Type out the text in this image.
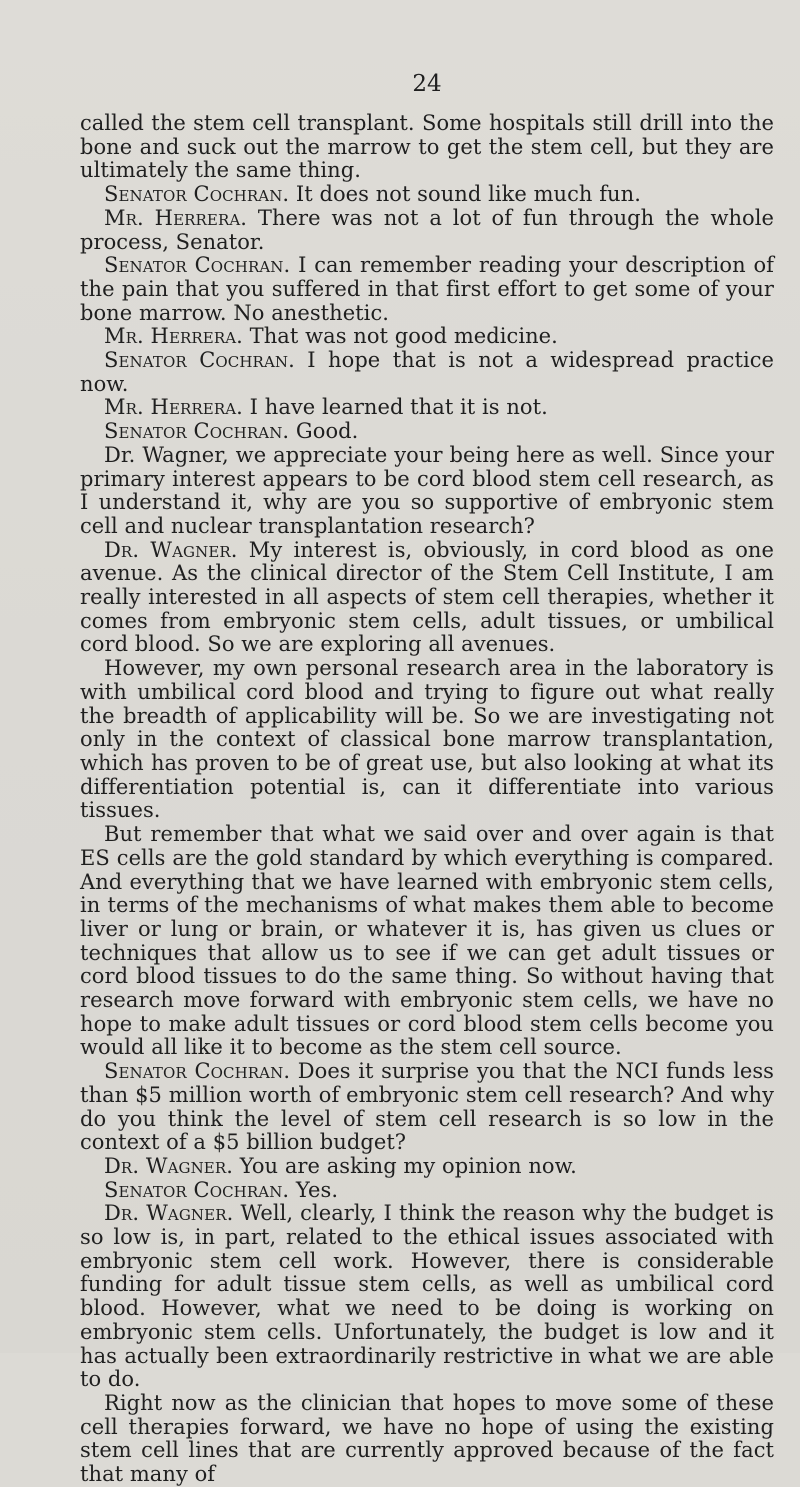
24

called the stem cell transplant. Some hospitals still drill into the bone and suck out the marrow to get the stem cell, but they are ultimately the same thing.

Senator Cochran. It does not sound like much fun.

Mr. Herrera. There was not a lot of fun through the whole process, Senator.

Senator Cochran. I can remember reading your description of the pain that you suffered in that first effort to get some of your bone marrow. No anesthetic.

Mr. Herrera. That was not good medicine.

Senator Cochran. I hope that is not a widespread practice now.

Mr. Herrera. I have learned that it is not.

Senator Cochran. Good.

Dr. Wagner, we appreciate your being here as well. Since your primary interest appears to be cord blood stem cell research, as I understand it, why are you so supportive of embryonic stem cell and nuclear transplantation research?

Dr. Wagner. My interest is, obviously, in cord blood as one avenue. As the clinical director of the Stem Cell Institute, I am really interested in all aspects of stem cell therapies, whether it comes from embryonic stem cells, adult tissues, or umbilical cord blood. So we are exploring all avenues.

However, my own personal research area in the laboratory is with umbilical cord blood and trying to figure out what really the breadth of applicability will be. So we are investigating not only in the context of classical bone marrow transplantation, which has proven to be of great use, but also looking at what its differentiation potential is, can it differentiate into various tissues.

But remember that what we said over and over again is that ES cells are the gold standard by which everything is compared. And everything that we have learned with embryonic stem cells, in terms of the mechanisms of what makes them able to become liver or lung or brain, or whatever it is, has given us clues or techniques that allow us to see if we can get adult tissues or cord blood tissues to do the same thing. So without having that research move forward with embryonic stem cells, we have no hope to make adult tissues or cord blood stem cells become you would all like it to become as the stem cell source.

Senator Cochran. Does it surprise you that the NCI funds less than $5 million worth of embryonic stem cell research? And why do you think the level of stem cell research is so low in the context of a $5 billion budget?

Dr. Wagner. You are asking my opinion now.

Senator Cochran. Yes.

Dr. Wagner. Well, clearly, I think the reason why the budget is so low is, in part, related to the ethical issues associated with embryonic stem cell work. However, there is considerable funding for adult tissue stem cells, as well as umbilical cord blood. However, what we need to be doing is working on embryonic stem cells. Unfortunately, the budget is low and it has actually been extraordinarily restrictive in what we are able to do.

Right now as the clinician that hopes to move some of these cell therapies forward, we have no hope of using the existing stem cell lines that are currently approved because of the fact that many of
